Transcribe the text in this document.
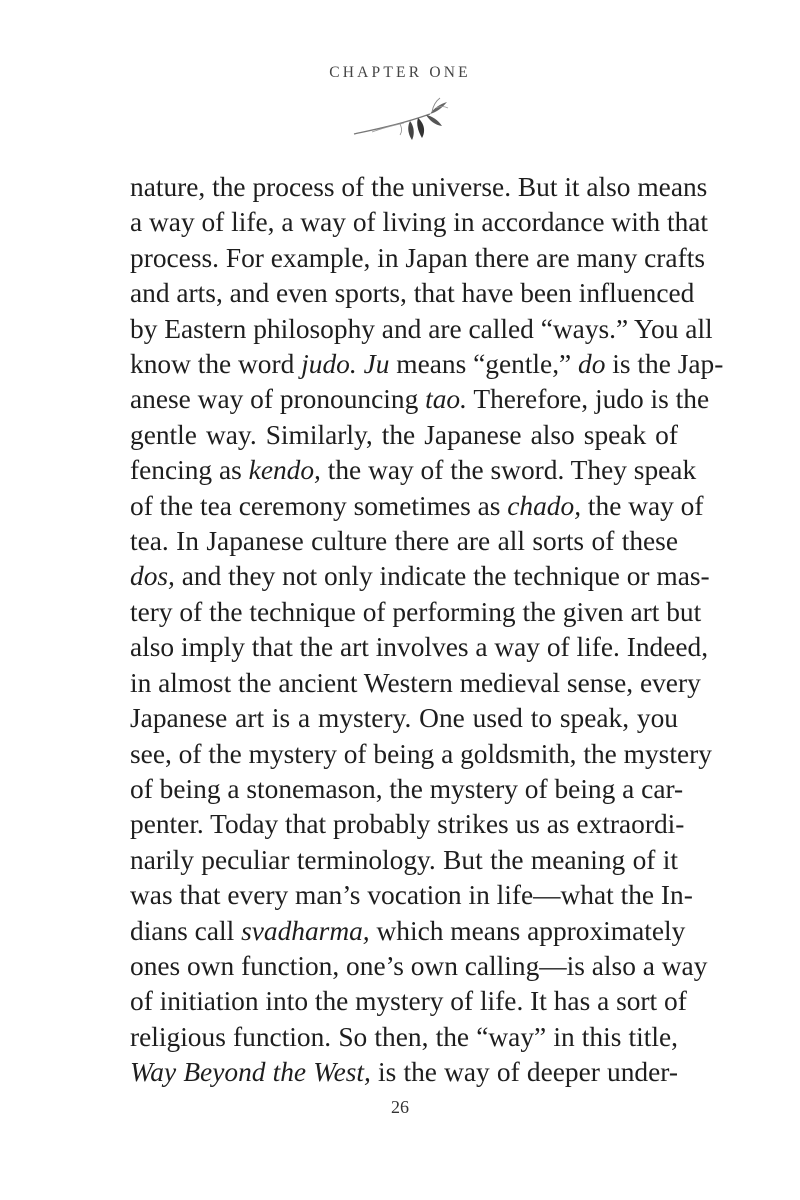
CHAPTER ONE
nature, the process of the universe. But it also means
a way of life, a way of living in accordance with that
process. For example, in Japan there are many crafts
and arts, and even sports, that have been influenced
by Eastern philosophy and are called “ways.” You all
know the word judo. Ju means “gentle,” do is the Jap-
anese way of pronouncing tao. Therefore, judo is the
gentle way. Similarly, the Japanese also speak of
fencing as kendo, the way of the sword. They speak
of the tea ceremony sometimes as chado, the way of
tea. In Japanese culture there are all sorts of these
dos, and they not only indicate the technique or mas-
tery of the technique of performing the given art but
also imply that the art involves a way of life. Indeed,
in almost the ancient Western medieval sense, every
Japanese art is a mystery. One used to speak, you
see, of the mystery of being a goldsmith, the mystery
of being a stonemason, the mystery of being a car-
penter. Today that probably strikes us as extraordi-
narily peculiar terminology. But the meaning of it
was that every man’s vocation in life—what the In-
dians call svadharma, which means approximately
ones own function, one’s own calling—is also a way
of initiation into the mystery of life. It has a sort of
religious function. So then, the “way” in this title,
Way Beyond the West, is the way of deeper under-
26
